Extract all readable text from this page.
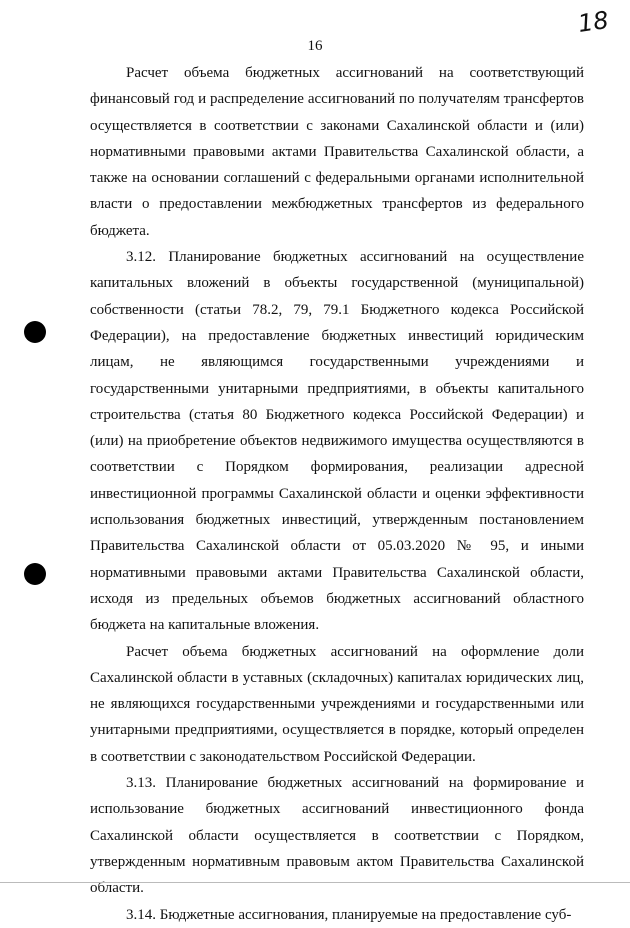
18
16

Расчет объема бюджетных ассигнований на соответствующий финансовый год и распределение ассигнований по получателям трансфертов осуществляется в соответствии с законами Сахалинской области и (или) нормативными правовыми актами Правительства Сахалинской области, а также на основании соглашений с федеральными органами исполнительной власти о предоставлении межбюджетных трансфертов из федерального бюджета.

3.12. Планирование бюджетных ассигнований на осуществление капитальных вложений в объекты государственной (муниципальной) собственности (статьи 78.2, 79, 79.1 Бюджетного кодекса Российской Федерации), на предоставление бюджетных инвестиций юридическим лицам, не являющимся государственными учреждениями и государственными унитарными предприятиями, в объекты капитального строительства (статья 80 Бюджетного кодекса Российской Федерации) и (или) на приобретение объектов недвижимого имущества осуществляются в соответствии с Порядком формирования, реализации адресной инвестиционной программы Сахалинской области и оценки эффективности использования бюджетных инвестиций, утвержденным постановлением Правительства Сахалинской области от 05.03.2020 № 95, и иными нормативными правовыми актами Правительства Сахалинской области, исходя из предельных объемов бюджетных ассигнований областного бюджета на капитальные вложения.

Расчет объема бюджетных ассигнований на оформление доли Сахалинской области в уставных (складочных) капиталах юридических лиц, не являющихся государственными учреждениями и государственными или унитарными предприятиями, осуществляется в порядке, который определен в соответствии с законодательством Российской Федерации.

3.13. Планирование бюджетных ассигнований на формирование и использование бюджетных ассигнований инвестиционного фонда Сахалинской области осуществляется в соответствии с Порядком, утвержденным нормативным правовым актом Правительства Сахалинской области.

3.14. Бюджетные ассигнования, планируемые на предоставление суб-
